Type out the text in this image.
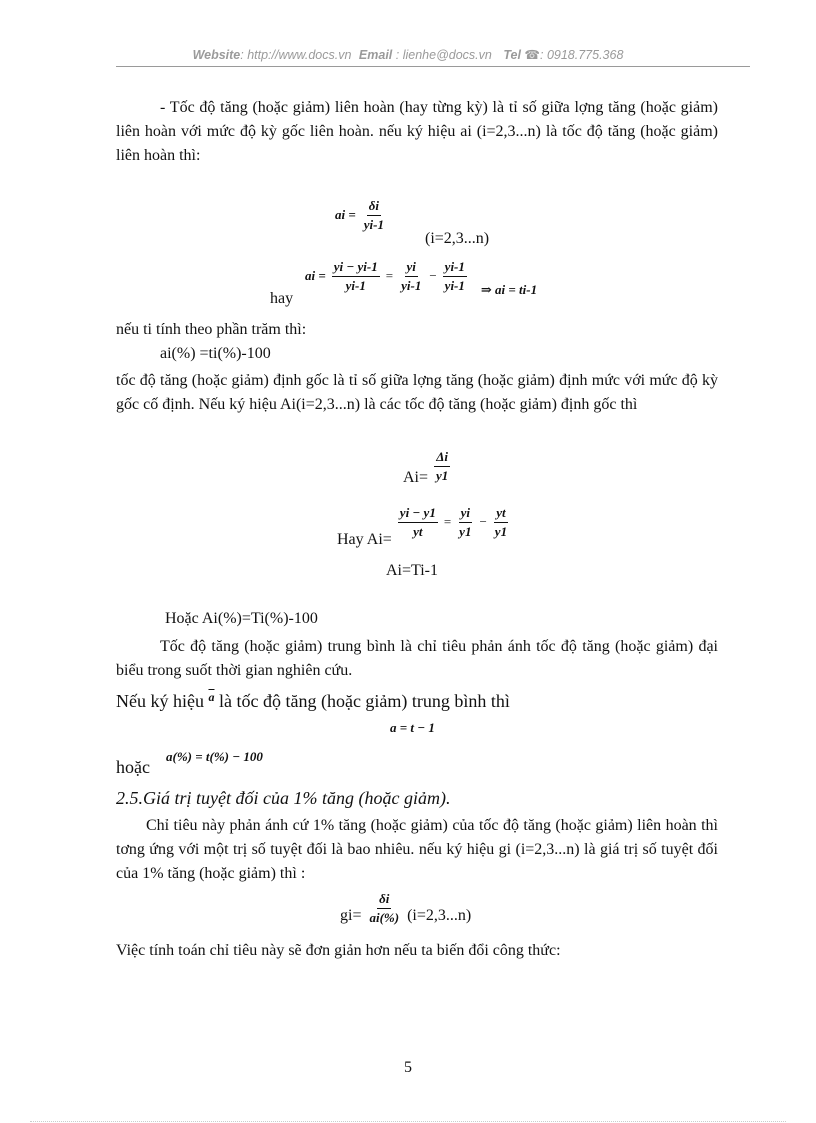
Website: http://www.docs.vn Email : lienhe@docs.vn Tel ☎: 0918.775.368
- Tốc độ tăng (hoặc giảm) liên hoàn (hay từng kỳ) là tỉ số giữa lợng tăng (hoặc giảm) liên hoàn với mức độ kỳ gốc liên hoàn. nếu ký hiệu ai (i=2,3...n) là tốc độ tăng (hoặc giảm) liên hoàn thì:
ai = $\frac{\delta i}{yi-1}$
(i=2,3...n)
hay
ai = $\frac{yi - yi-1}{yi-1} = \frac{yi}{yi-1} - \frac{yi-1}{yi-1} _{\Rightarrow ai = ti-1}$
nếu ti tính theo phần trăm thì:
ai(%) =ti(%)-100
tốc độ tăng (hoặc giảm) định gốc là tỉ số giữa lợng tăng (hoặc giảm) định mức với mức độ kỳ gốc cố định. Nếu ký hiệu Ai(i=2,3...n) là các tốc độ tăng (hoặc giảm) định gốc thì
$Ai= \frac{\Delta i}{y1}$
Hay $Ai= \frac{yi - y1}{yt} = \frac{yi}{y1} - \frac{yt}{y1}$
Ai=Ti-1
Hoặc Ai(%)=Ti(%)-100
Tốc độ tăng (hoặc giảm) trung bình là chỉ tiêu phản ánh tốc độ tăng (hoặc giảm) đại biểu trong suốt thời gian nghiên cứu.
Nếu ký hiệu $^{\overline{a}}$ là tốc độ tăng (hoặc giảm) trung bình thì
a = t − 1
hoặc
a(%) = t(%) − 100
2.5.Giá trị tuyệt đối của 1% tăng (hoặc giảm).
Chỉ tiêu này phản ánh cứ 1% tăng (hoặc giảm) của tốc độ tăng (hoặc giảm) liên hoàn thì tơng ứng với một trị số tuyệt đối là bao nhiêu. nếu ký hiệu gi (i=2,3...n) là giá trị số tuyệt đối của 1% tăng (hoặc giảm) thì :
$gi= \frac{\delta i}{ai(\%)} (i=2,3...n)$
Việc tính toán chỉ tiêu này sẽ đơn giản hơn nếu ta biến đổi công thức:
5
